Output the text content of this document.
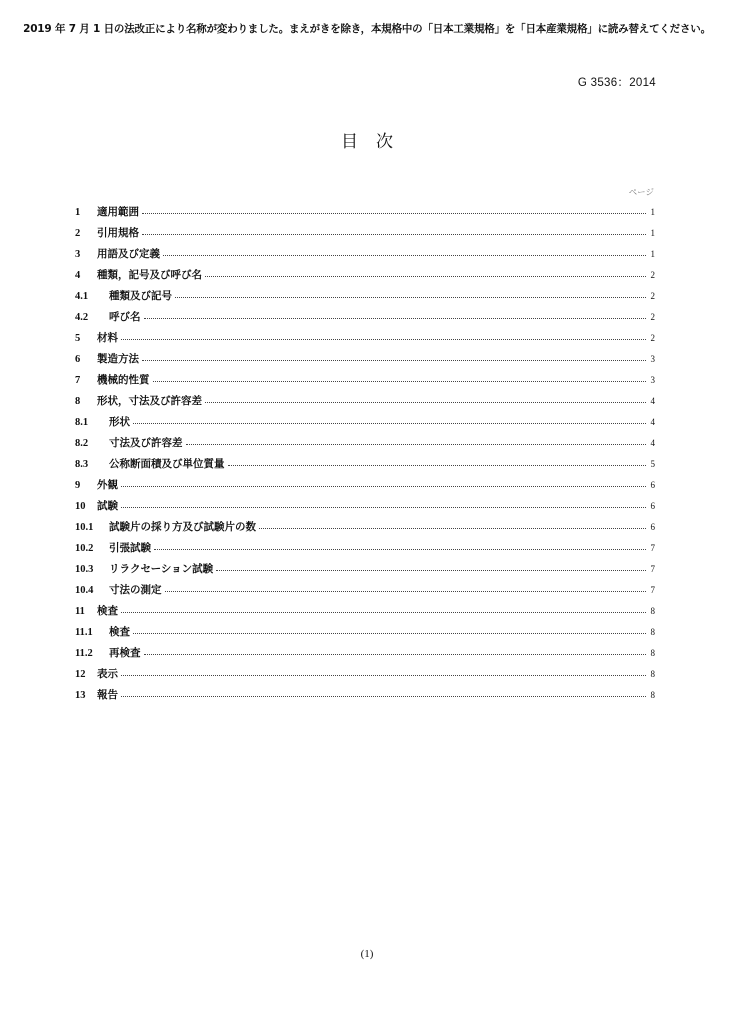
2019 年 7 月 1 日の法改正により名称が変わりました。まえがきを除き，本規格中の「日本工業規格」を「日本産業規格」に読み替えてください。
G 3536：2014
目次
ページ
1	適用範囲	1
2	引用規格	1
3	用語及び定義	1
4	種類，記号及び呼び名	2
4.1	種類及び記号	2
4.2	呼び名	2
5	材料	2
6	製造方法	3
7	機械的性質	3
8	形状，寸法及び許容差	4
8.1	形状	4
8.2	寸法及び許容差	4
8.3	公称断面積及び単位質量	5
9	外観	6
10	試験	6
10.1	試験片の採り方及び試験片の数	6
10.2	引張試験	7
10.3	リラクセーション試験	7
10.4	寸法の測定	7
11	検査	8
11.1	検査	8
11.2	再検査	8
12	表示	8
13	報告	8
(1)
